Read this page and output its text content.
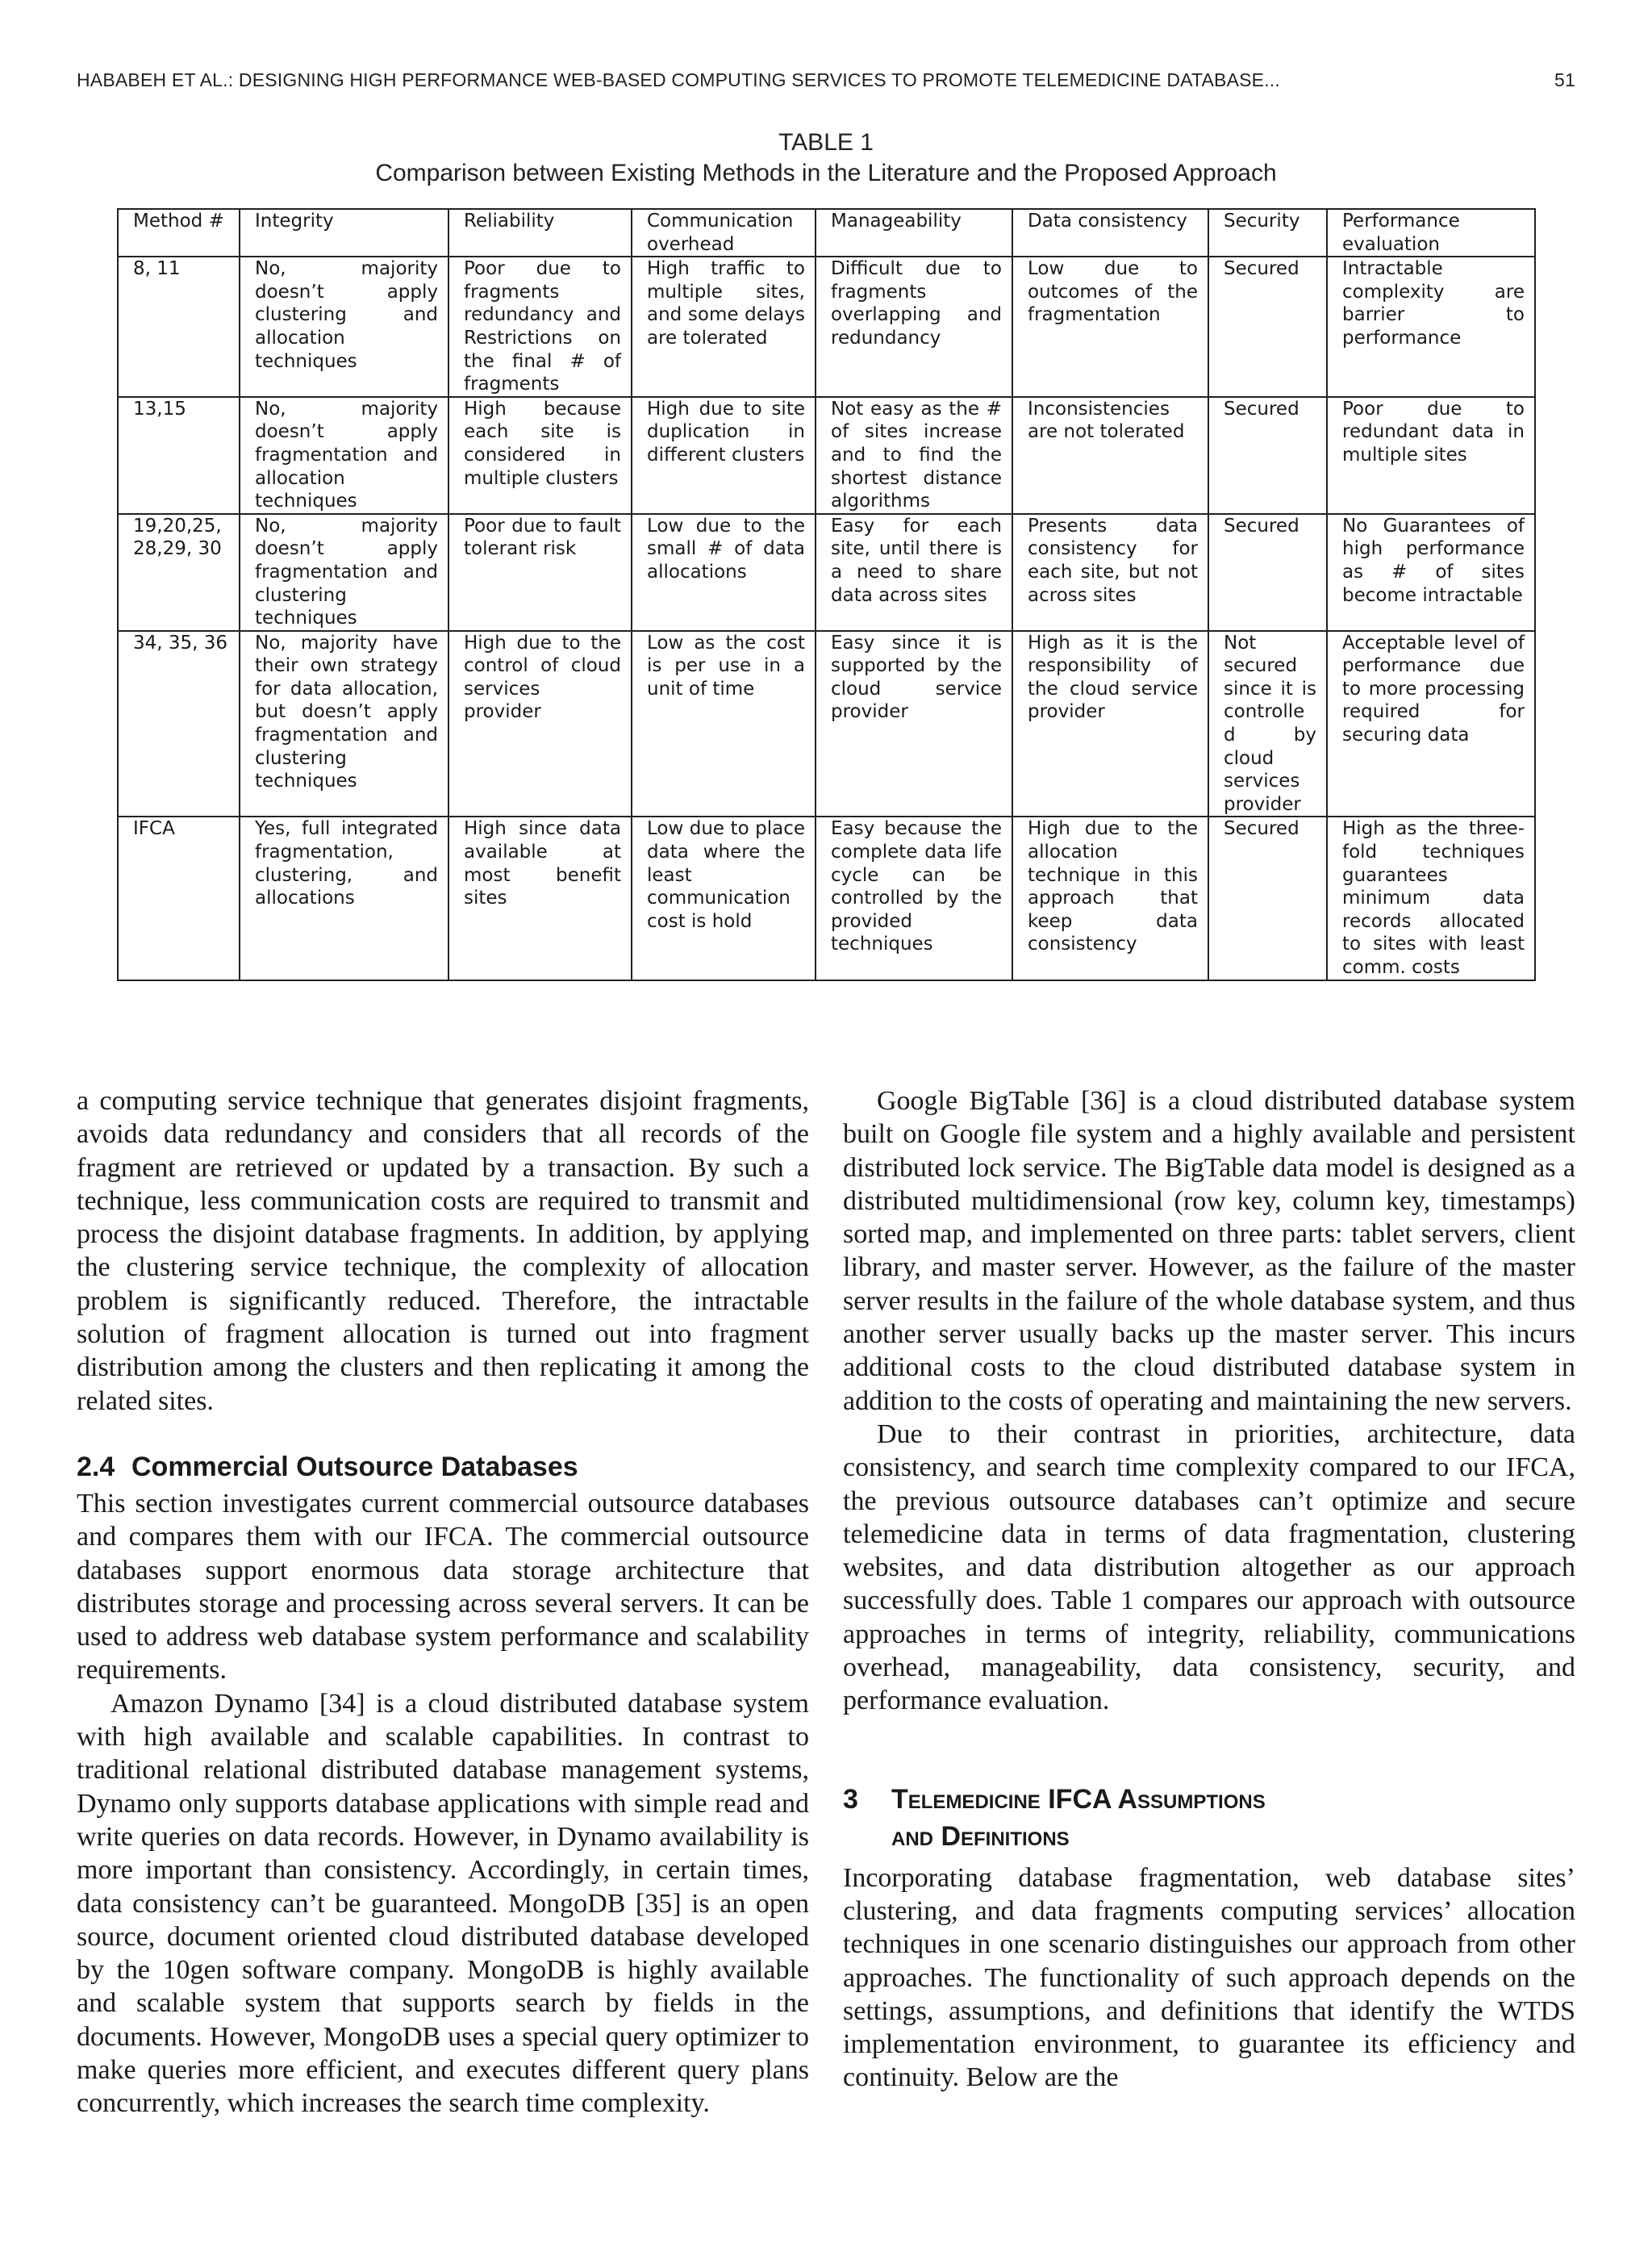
HABABEH ET AL.: DESIGNING HIGH PERFORMANCE WEB-BASED COMPUTING SERVICES TO PROMOTE TELEMEDICINE DATABASE...	51
TABLE 1
Comparison between Existing Methods in the Literature and the Proposed Approach
Method #	Integrity	Reliability	Communication overhead	Manageability	Data consistency	Security	Performance evaluation
8, 11	No, majority doesn’t apply clustering and allocation techniques	Poor due to fragments redundancy and Restrictions on the final # of fragments	High traffic to multiple sites, and some delays are tolerated	Difficult due to fragments overlapping and redundancy	Low due to outcomes of the fragmentation	Secured	Intractable complexity are barrier to performance
13,15	No, majority doesn’t apply fragmentation and allocation techniques	High because each site is considered in multiple clusters	High due to site duplication in different clusters	Not easy as the # of sites increase and to find the shortest distance algorithms	Inconsistencies are not tolerated	Secured	Poor due to redundant data in multiple sites
19,20,25, 28,29, 30	No, majority doesn’t apply fragmentation and clustering techniques	Poor due to fault tolerant risk	Low due to the small # of data allocations	Easy for each site, until there is a need to share data across sites	Presents data consistency for each site, but not across sites	Secured	No Guarantees of high performance as # of sites become intractable
34, 35, 36	No, majority have their own strategy for data allocation, but doesn’t apply fragmentation and clustering techniques	High due to the control of cloud services provider	Low as the cost is per use in a unit of time	Easy since it is supported by the cloud service provider	High as it is the responsibility of the cloud service provider	Not secured since it is controlle d by cloud services provider	Acceptable level of performance due to more processing required for securing data
IFCA	Yes, full integrated fragmentation, clustering, and allocations	High since data available at most benefit sites	Low due to place data where the least communication cost is hold	Easy because the complete data life cycle can be controlled by the provided techniques	High due to the allocation technique in this approach that keep data consistency	Secured	High as the three-fold techniques guarantees minimum data records allocated to sites with least comm. costs

a computing service technique that generates disjoint fragments, avoids data redundancy and considers that all records of the fragment are retrieved or updated by a transaction. By such a technique, less communication costs are required to transmit and process the disjoint database fragments. In addition, by applying the clustering service technique, the complexity of allocation problem is significantly reduced. Therefore, the intractable solution of fragment allocation is turned out into fragment distribution among the clusters and then replicating it among the related sites.

2.4 Commercial Outsource Databases

This section investigates current commercial outsource databases and compares them with our IFCA. The commercial outsource databases support enormous data storage architecture that distributes storage and processing across several servers. It can be used to address web database system performance and scalability requirements.

Amazon Dynamo [34] is a cloud distributed database system with high available and scalable capabilities. In contrast to traditional relational distributed database management systems, Dynamo only supports database applications with simple read and write queries on data records. However, in Dynamo availability is more important than consistency. Accordingly, in certain times, data consistency can’t be guaranteed. MongoDB [35] is an open source, document oriented cloud distributed database developed by the 10gen software company. MongoDB is highly available and scalable system that supports search by fields in the documents. However, MongoDB uses a special query optimizer to make queries more efficient, and executes different query plans concurrently, which increases the search time complexity.

Google BigTable [36] is a cloud distributed database system built on Google file system and a highly available and persistent distributed lock service. The BigTable data model is designed as a distributed multidimensional (row key, column key, timestamps) sorted map, and implemented on three parts: tablet servers, client library, and master server. However, as the failure of the master server results in the failure of the whole database system, and thus another server usually backs up the master server. This incurs additional costs to the cloud distributed database system in addition to the costs of operating and maintaining the new servers.

Due to their contrast in priorities, architecture, data consistency, and search time complexity compared to our IFCA, the previous outsource databases can’t optimize and secure telemedicine data in terms of data fragmentation, clustering websites, and data distribution altogether as our approach successfully does. Table 1 compares our approach with outsource approaches in terms of integrity, reliability, communications overhead, manageability, data consistency, security, and performance evaluation.

3	Telemedicine IFCA Assumptions
and Definitions

Incorporating database fragmentation, web database sites’ clustering, and data fragments computing services’ allocation techniques in one scenario distinguishes our approach from other approaches. The functionality of such approach depends on the settings, assumptions, and definitions that identify the WTDS implementation environment, to guarantee its efficiency and continuity. Below are the
